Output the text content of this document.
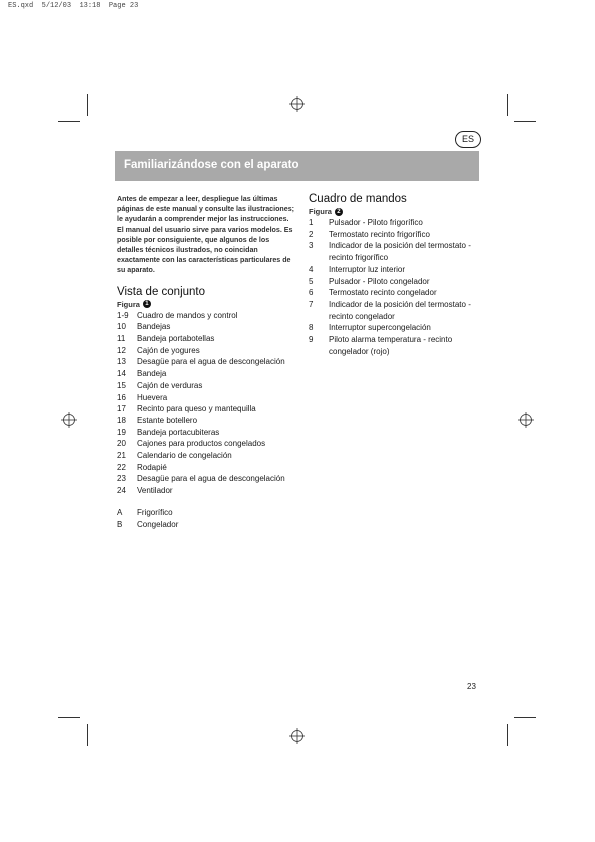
ES.qxd 5/12/03 13:18 Page 23
ES
Familiarizándose con el aparato

Antes de empezar a leer, despliegue las últimas páginas de este manual y consulte las ilustraciones; le ayudarán a comprender mejor las instrucciones.

El manual del usuario sirve para varios modelos. Es posible por consiguiente, que algunos de los detalles técnicos ilustrados, no coincidan exactamente con las características particulares de su aparato.

Vista de conjunto
Figura 1
1-9	Cuadro de mandos y control
10	Bandejas
11	Bandeja portabotellas
12	Cajón de yogures
13	Desagüe para el agua de descongelación
14	Bandeja
15	Cajón de verduras
16	Huevera
17	Recinto para queso y mantequilla
18	Estante botellero
19	Bandeja portacubiteras
20	Cajones para productos congelados
21	Calendario de congelación
22	Rodapié
23	Desagüe para el agua de descongelación
24	Ventilador
A	Frigorífico
B	Congelador
Cuadro de mandos
Figura 2
1	Pulsador - Piloto frigorífico
2	Termostato recinto frigorífico
3	Indicador de la posición del termostato - recinto frigorífico
4	Interruptor luz interior
5	Pulsador - Piloto congelador
6	Termostato recinto congelador
7	Indicador de la posición del termostato - recinto congelador
8	Interruptor supercongelación
9	Piloto alarma temperatura - recinto congelador (rojo)
23
